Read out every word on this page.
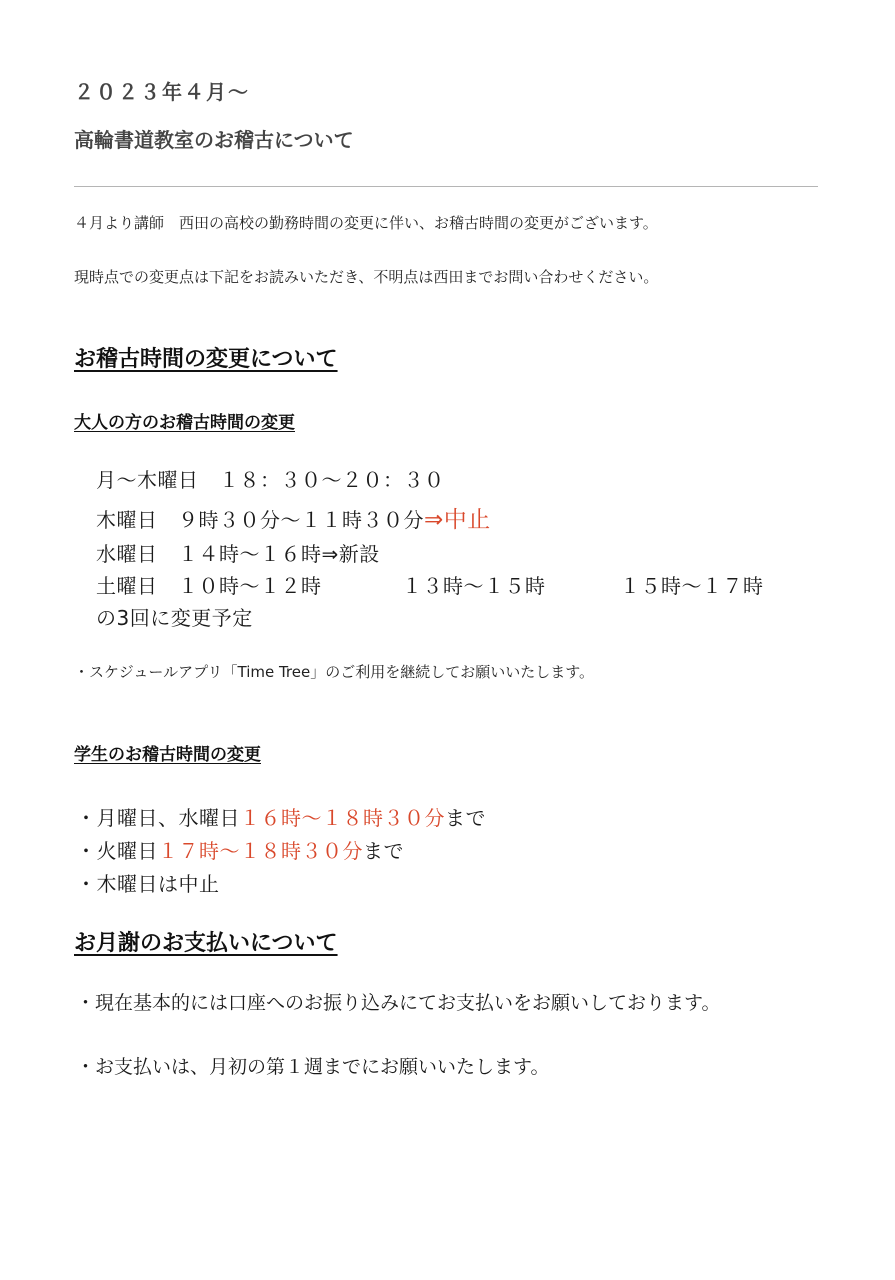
２０２３年４月〜
高輪書道教室のお稽古について
４月より講師　西田の高校の勤務時間の変更に伴い、お稽古時間の変更がございます。
現時点での変更点は下記をお読みいただき、不明点は西田までお問い合わせください。
お稽古時間の変更について
大人の方のお稽古時間の変更
月〜木曜日　１８：３０〜２０：３０
木曜日　９時３０分〜１１時３０分⇒中止
水曜日　１４時〜１６時⇒新設
土曜日　１０時〜１２時	１３時〜１５時	１５時〜１７時
の3回に変更予定
・スケジュールアプリ「Time Tree」のご利用を継続してお願いいたします。
学生のお稽古時間の変更
・月曜日、水曜日１６時〜１８時３０分まで
・火曜日１７時〜１８時３０分まで
・木曜日は中止
お月謝のお支払いについて
・現在基本的には口座へのお振り込みにてお支払いをお願いしております。
・お支払いは、月初の第１週までにお願いいたします。
